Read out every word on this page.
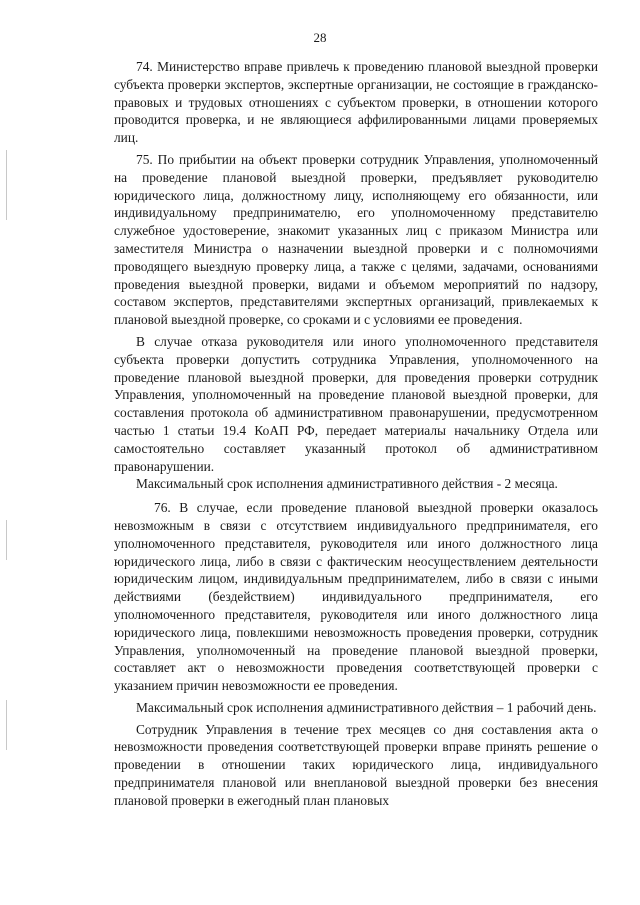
28

74. Министерство вправе привлечь к проведению плановой выездной проверки субъекта проверки экспертов, экспертные организации, не состоящие в гражданско-правовых и трудовых отношениях с субъектом проверки, в отношении которого проводится проверка, и не являющиеся аффилированными лицами проверяемых лиц.

75. По прибытии на объект проверки сотрудник Управления, уполномоченный на проведение плановой выездной проверки, предъявляет руководителю юридического лица, должностному лицу, исполняющему его обязанности, или индивидуальному предпринимателю, его уполномоченному представителю служебное удостоверение, знакомит указанных лиц с приказом Министра или заместителя Министра о назначении выездной проверки и с полномочиями проводящего выездную проверку лица, а также с целями, задачами, основаниями проведения выездной проверки, видами и объемом мероприятий по надзору, составом экспертов, представителями экспертных организаций, привлекаемых к плановой выездной проверке, со сроками и с условиями ее проведения.

В случае отказа руководителя или иного уполномоченного представителя субъекта проверки допустить сотрудника Управления, уполномоченного на проведение плановой выездной проверки, для проведения проверки сотрудник Управления, уполномоченный на проведение плановой выездной проверки, для составления протокола об административном правонарушении, предусмотренном частью 1 статьи 19.4 КоАП РФ, передает материалы начальнику Отдела или самостоятельно составляет указанный протокол об административном правонарушении.

Максимальный срок исполнения административного действия - 2 месяца.

76. В случае, если проведение плановой выездной проверки оказалось невозможным в связи с отсутствием индивидуального предпринимателя, его уполномоченного представителя, руководителя или иного должностного лица юридического лица, либо в связи с фактическим неосуществлением деятельности юридическим лицом, индивидуальным предпринимателем, либо в связи с иными действиями (бездействием) индивидуального предпринимателя, его уполномоченного представителя, руководителя или иного должностного лица юридического лица, повлекшими невозможность проведения проверки, сотрудник Управления, уполномоченный на проведение плановой выездной проверки, составляет акт о невозможности проведения соответствующей проверки с указанием причин невозможности ее проведения.

Максимальный срок исполнения административного действия – 1 рабочий день.

Сотрудник Управления в течение трех месяцев со дня составления акта о невозможности проведения соответствующей проверки вправе принять решение о проведении в отношении таких юридического лица, индивидуального предпринимателя плановой или внеплановой выездной проверки без внесения плановой проверки в ежегодный план плановых
